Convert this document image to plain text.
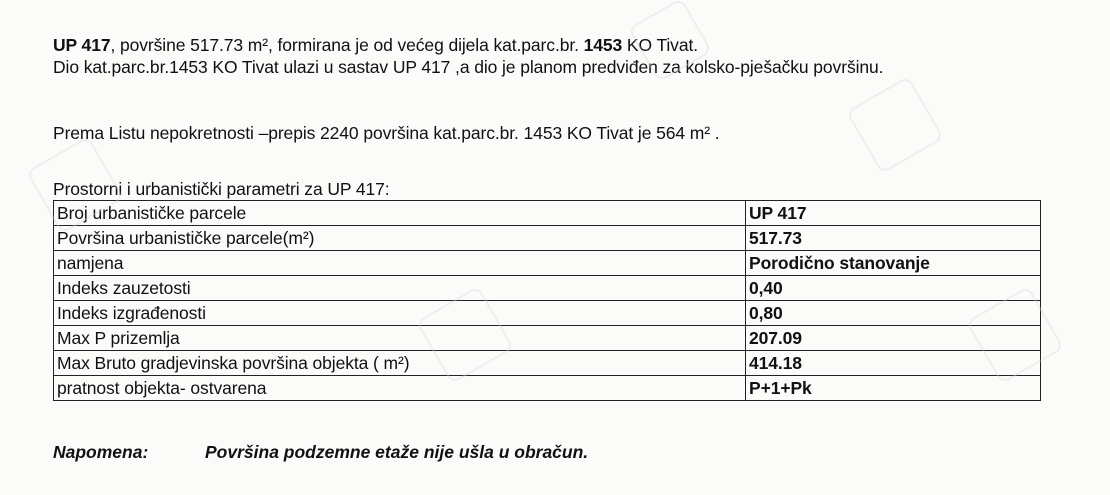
UP 417, površine 517.73 m², formirana je od većeg dijela kat.parc.br. 1453 KO Tivat.
Dio kat.parc.br.1453 KO Tivat ulazi u sastav UP 417 ,a dio je planom predviđen za kolsko-pješačku površinu.
Prema Listu nepokretnosti –prepis 2240 površina kat.parc.br. 1453 KO Tivat je 564 m² .
Prostorni i urbanistički parametri za UP 417:
Broj urbanističke parcele	UP 417
Površina urbanističke parcele(m²)	517.73
namjena	Porodično stanovanje
Indeks zauzetosti	0,40
Indeks izgrađenosti	0,80
Max P prizemlja	207.09
Max Bruto gradjevinska površina objekta ( m²)	414.18
pratnost objekta- ostvarena	P+1+Pk
Napomena:	Površina podzemne etaže nije ušla u obračun.
